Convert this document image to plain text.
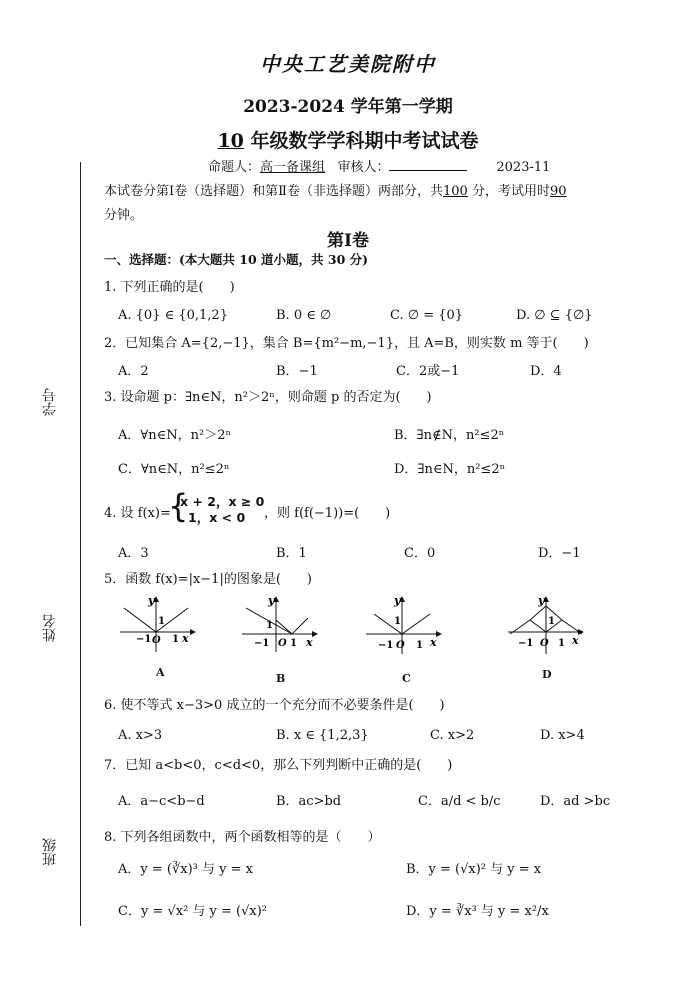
中央工艺美院附中
2023-2024 学年第一学期
10 年级数学学科期中考试试卷
命题人：高一备课组 审核人：	2023-11
本试卷分第Ⅰ卷（选择题）和第Ⅱ卷（非选择题）两部分，共100 分，考试用时90
分钟。
第Ⅰ卷
一、选择题：(本大题共 10 道小题，共 30 分)
学号
姓名
班级
1. 下列正确的是(　　)
A. {0} ∈ {0,1,2}	B. 0 ∈ ∅	C. ∅ = {0}	D. ∅ ⊆ {∅}
2．已知集合 A={2,−1}，集合 B={m²−m,−1}，且 A=B，则实数 m 等于(　　)
A．2	B．−1	C．2或−1	D．4
3. 设命题 p：∃n∈N，n²＞2ⁿ，则命题 p 的否定为(　　)
A．∀n∈N，n²＞2ⁿ	B．∃n∉N，n²≤2ⁿ
C．∀n∈N，n²≤2ⁿ	D．∃n∈N，n²≤2ⁿ
4. 设 f(x)=
{
x + 2，x ≥ 0
1，x < 0 ，则 f(f(−1))=(　　)
A．3	B．1	C．0	D．−1
5．函数 f(x)=|x−1|的图象是(　　)
y
x
1
−1 O 1
A
y
x
1
−1 O 1
B
y
x
1
−1 O 1
C
y
x
1
−1 O 1
D
6. 使不等式 x−3>0 成立的一个充分而不必要条件是(　　)
A. x>3	B. x ∈ {1,2,3}	C. x>2	D. x>4
7．已知 a<b<0，c<d<0，那么下列判断中正确的是(　　)
A．a−c<b−d	B．ac>bd	C．a/d < b/c	D．ad >bc
8. 下列各组函数中，两个函数相等的是（　　）
A．y = (∛x)³ 与 y = x	B．y = (√x)² 与 y = x
C．y = √x² 与 y = (√x)²	D．y = ∛x³ 与 y = x²/x
